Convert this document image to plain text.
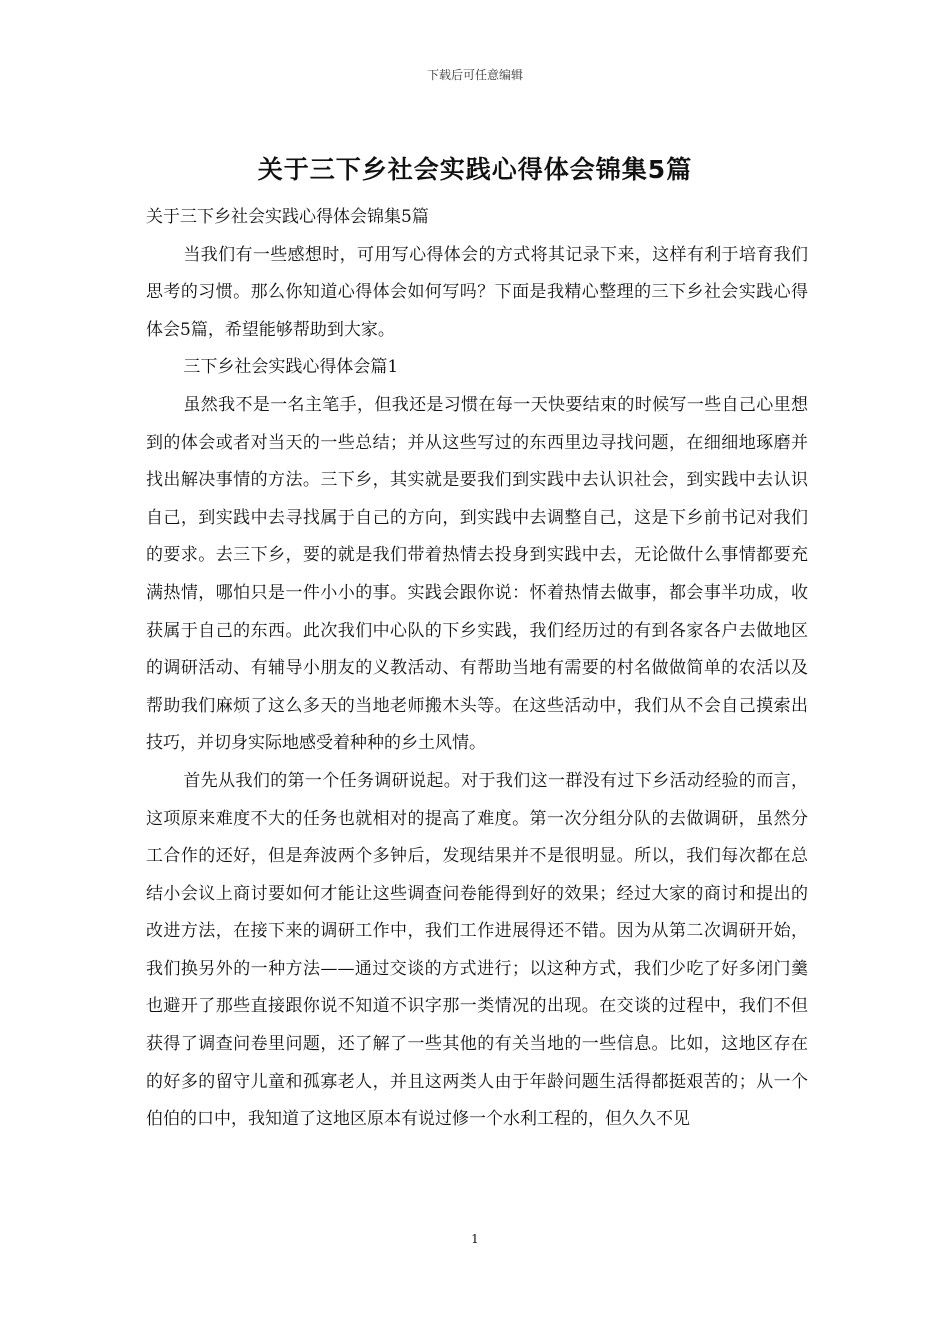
下载后可任意编辑
关于三下乡社会实践心得体会锦集5篇

关于三下乡社会实践心得体会锦集5篇

当我们有一些感想时，可用写心得体会的方式将其记录下来，这样有利于培育我们思考的习惯。那么你知道心得体会如何写吗？下面是我精心整理的三下乡社会实践心得体会5篇，希望能够帮助到大家。

三下乡社会实践心得体会篇1

虽然我不是一名主笔手，但我还是习惯在每一天快要结束的时候写一些自己心里想到的体会或者对当天的一些总结；并从这些写过的东西里边寻找问题，在细细地琢磨并找出解决事情的方法。三下乡，其实就是要我们到实践中去认识社会，到实践中去认识自己，到实践中去寻找属于自己的方向，到实践中去调整自己，这是下乡前书记对我们的要求。去三下乡，要的就是我们带着热情去投身到实践中去，无论做什么事情都要充满热情，哪怕只是一件小小的事。实践会跟你说：怀着热情去做事，都会事半功成，收获属于自己的东西。此次我们中心队的下乡实践，我们经历过的有到各家各户去做地区的调研活动、有辅导小朋友的义教活动、有帮助当地有需要的村名做做简单的农活以及帮助我们麻烦了这么多天的当地老师搬木头等。在这些活动中，我们从不会自己摸索出技巧，并切身实际地感受着种种的乡土风情。

首先从我们的第一个任务调研说起。对于我们这一群没有过下乡活动经验的而言，这项原来难度不大的任务也就相对的提高了难度。第一次分组分队的去做调研，虽然分工合作的还好，但是奔波两个多钟后，发现结果并不是很明显。所以，我们每次都在总结小会议上商讨要如何才能让这些调查问卷能得到好的效果；经过大家的商讨和提出的改进方法，在接下来的调研工作中，我们工作进展得还不错。因为从第二次调研开始，我们换另外的一种方法——通过交谈的方式进行；以这种方式，我们少吃了好多闭门羹也避开了那些直接跟你说不知道不识字那一类情况的出现。在交谈的过程中，我们不但获得了调查问卷里问题，还了解了一些其他的有关当地的一些信息。比如，这地区存在的好多的留守儿童和孤寡老人，并且这两类人由于年龄问题生活得都挺艰苦的；从一个伯伯的口中，我知道了这地区原本有说过修一个水利工程的，但久久不见

1
